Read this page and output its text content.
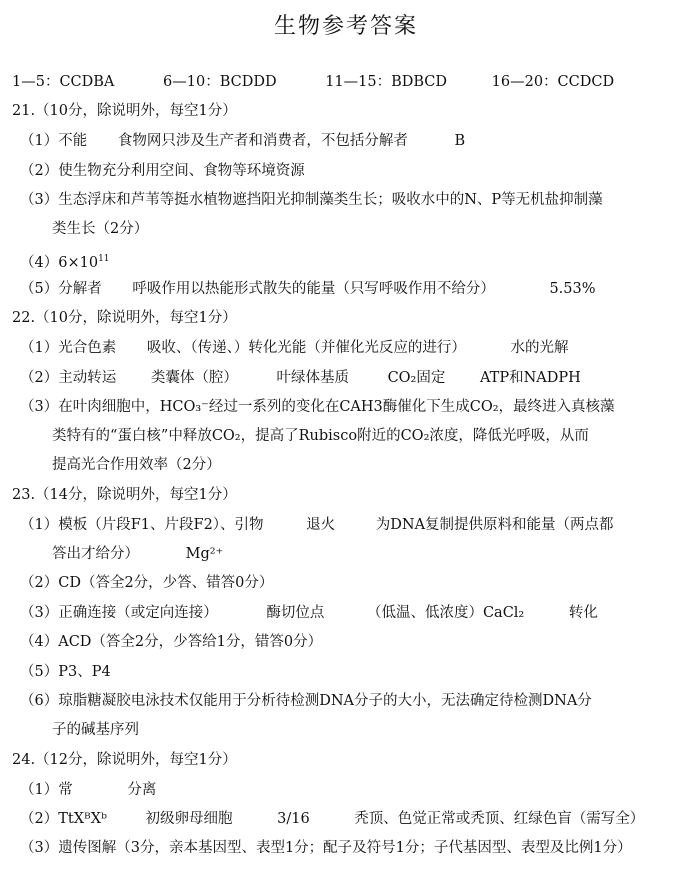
生物参考答案
1—5：CCDBA	6—10：BCDDD	11—15：BDBCD	16—20：CCDCD
21.（10分，除说明外，每空1分）
（1）不能 食物网只涉及生产者和消费者，不包括分解者	B
（2）使生物充分利用空间、食物等环境资源
（3）生态浮床和芦苇等挺水植物遮挡阳光抑制藻类生长；吸收水中的N、P等无机盐抑制藻
类生长（2分）
$(4)6\times 10^{11}$
（5）分解者 呼吸作用以热能形式散失的能量（只写呼吸作用不给分）	5.53%
22.（10分，除说明外，每空1分）
（1）光合色素 吸收、（传递、）转化光能（并催化光反应的进行）	水的光解
（2）主动转运 类囊体（腔）	叶绿体基质	CO₂固定 ATP和NADPH
（3）在叶肉细胞中，HCO₃⁻经过一系列的变化在CAH3酶催化下生成CO₂，最终进入真核藻
类特有的“蛋白核”中释放CO₂，提高了Rubisco附近的CO₂浓度，降低光呼吸，从而
提高光合作用效率（2分）
23.（14分，除说明外，每空1分）
（1）模板（片段F1、片段F2）、引物	退火	为DNA复制提供原料和能量（两点都
答出才给分）	Mg²⁺
（2）CD（答全2分，少答、错答0分）
（3）正确连接（或定向连接）	酶切位点	（低温、低浓度）CaCl₂	转化
（4）ACD（答全2分，少答给1分，错答0分）
（5）P3、P4
（6）琼脂糖凝胶电泳技术仅能用于分析待检测DNA分子的大小，无法确定待检测DNA分
子的碱基序列
24.（12分，除说明外，每空1分）
（1）常	分离
（2）TtXᴮXᵇ	初级卵母细胞	3/16	秃顶、色觉正常或秃顶、红绿色盲（需写全）
（3）遗传图解（3分，亲本基因型、表型1分；配子及符号1分；子代基因型、表型及比例1分）
